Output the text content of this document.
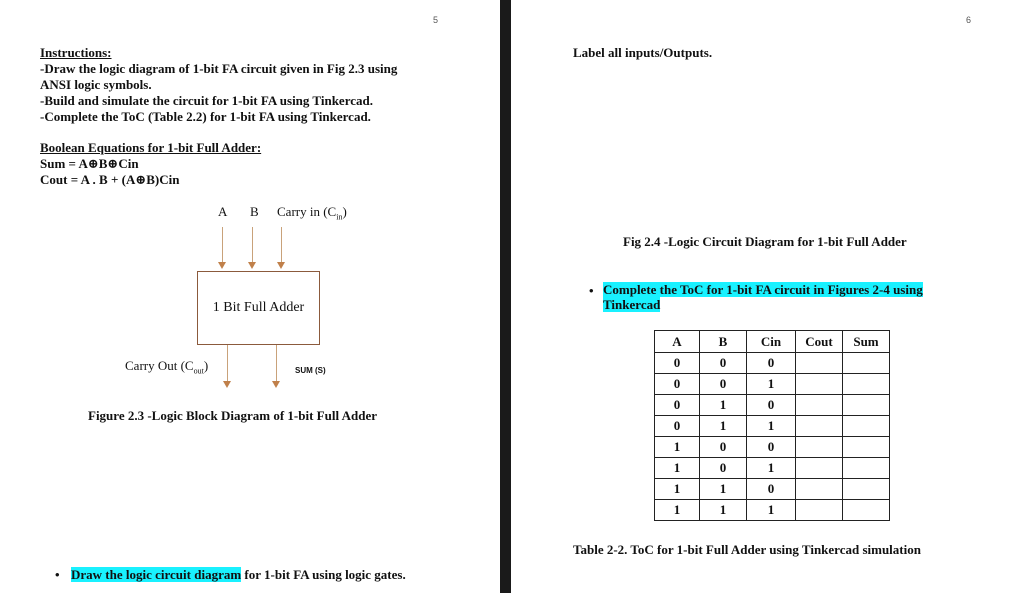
5
Instructions:
-Draw the logic diagram of 1-bit FA circuit given in Fig 2.3 using
ANSI logic symbols.
-Build and simulate the circuit for 1-bit FA using Tinkercad.
-Complete the ToC (Table 2.2) for 1-bit FA using Tinkercad.
Boolean Equations for 1-bit Full Adder:
Sum = A⊕B⊕Cin
Cout = A . B + (A⊕B)Cin
A B Carry in $(C_{in})$
1 Bit Full Adder
Carry Out $(C_{out})$	SUM (S)
Figure 2.3 -Logic Block Diagram of 1-bit Full Adder
• Draw the logic circuit diagram for 1-bit FA using logic gates.
6
Label all inputs/Outputs.
Fig 2.4 -Logic Circuit Diagram for 1-bit Full Adder
• Complete the ToC for 1-bit FA circuit in Figures 2-4 using
Tinkercad
Table 2-2. ToC for 1-bit Full Adder using Tinkercad simulation
A	B	Cin	Cout	Sum
0	0	0		
0	0	1		
0	1	0		
0	1	1		
1	0	0		
1	0	1		
1	1	0		
1	1	1		
